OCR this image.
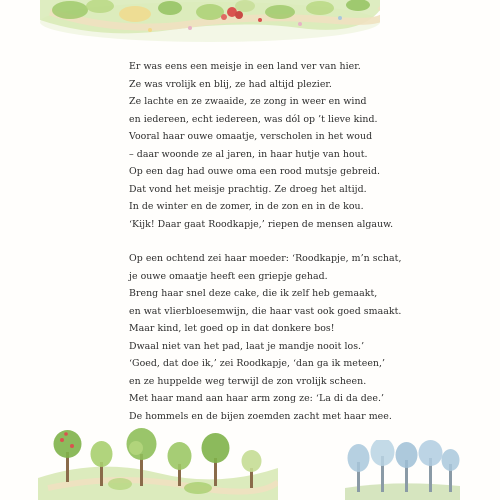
Er was eens een meisje in een land ver van hier.
Ze was vrolijk en blij, ze had altijd plezier.
Ze lachte en ze zwaaide, ze zong in weer en wind
en iedereen, echt iedereen, was dól op ’t lieve kind.
Vooral haar ouwe omaatje, verscholen in het woud
– daar woonde ze al jaren, in haar hutje van hout.
Op een dag had ouwe oma een rood mutsje gebreid.
Dat vond het meisje prachtig. Ze droeg het altijd.
In de winter en de zomer, in de zon en in de kou.
‘Kijk! Daar gaat Roodkapje,’ riepen de mensen algauw.
Op een ochtend zei haar moeder: ‘Roodkapje, m’n schat,
je ouwe omaatje heeft een griepje gehad.
Breng haar snel deze cake, die ik zelf heb gemaakt,
en wat vlierbloesemwijn, die haar vast ook goed smaakt.
Maar kind, let goed op in dat donkere bos!
Dwaal niet van het pad, laat je mandje nooit los.’
‘Goed, dat doe ik,’ zei Roodkapje, ‘dan ga ik meteen,’
en ze huppelde weg terwijl de zon vrolijk scheen.
Met haar mand aan haar arm zong ze: ‘La di da dee.’
De hommels en de bijen zoemden zacht met haar mee.
